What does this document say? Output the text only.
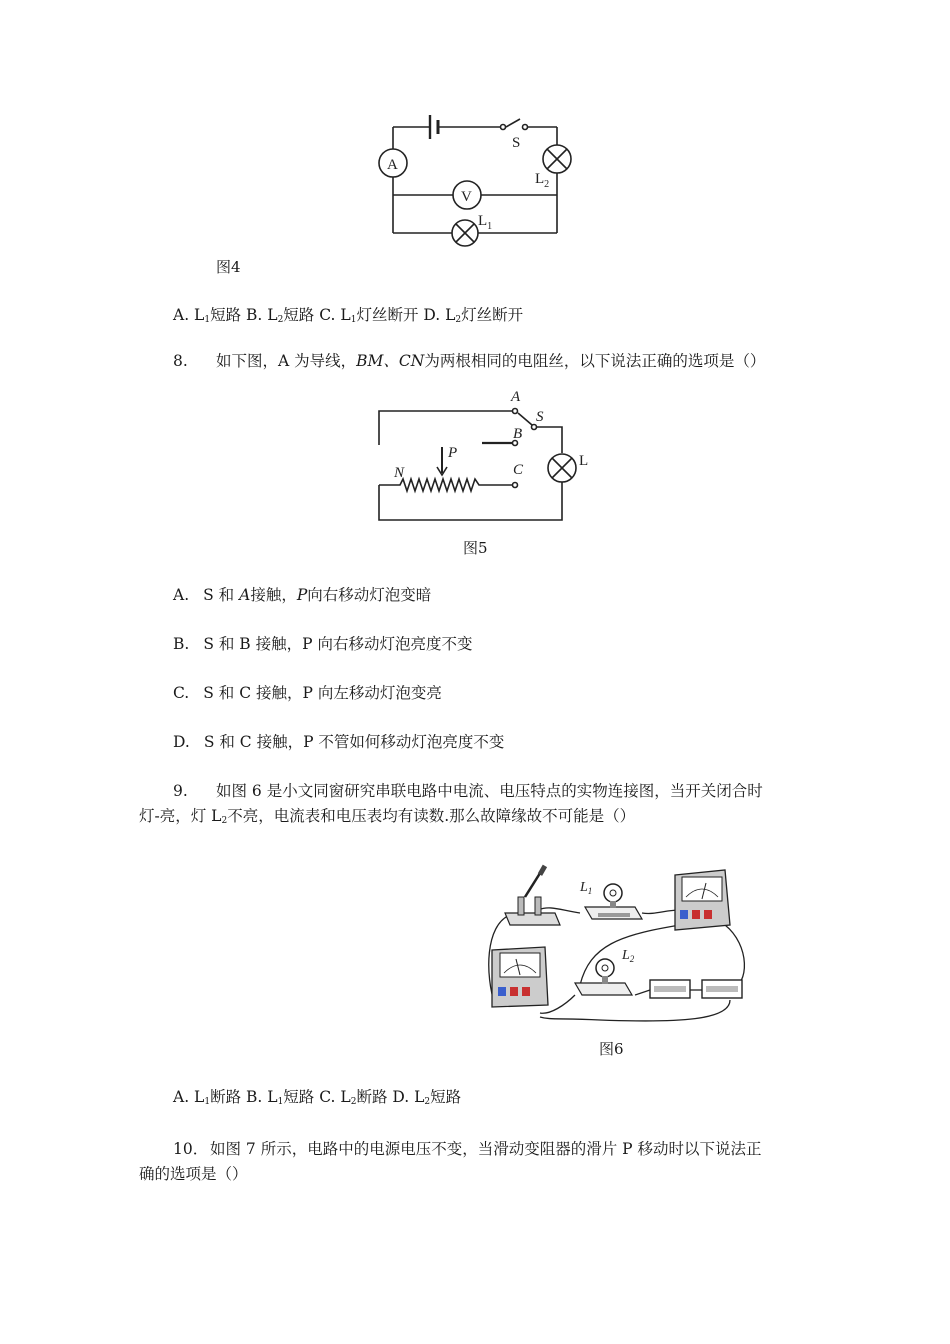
S
A
$L_2$
V
$L_1$
图4
A. $L_1$短路 B. $L_2$短路 C. $L_1$灯丝断开 D. $L_2$灯丝断开
8. 如下图，A 为导线，BM、CN为两根相同的电阻丝，以下说法正确的选项是（）
A
S
L
B
C
N
P
图5
A. S 和 A接触，P向右移动灯泡变暗
B. S 和 B 接触，P 向右移动灯泡亮度不变
C. S 和 C 接触，P 向左移动灯泡变亮
D. S 和 C 接触，P 不管如何移动灯泡亮度不变
9. 如图 6 是小文同窗研究串联电路中电流、电压特点的实物连接图，当开关闭合时
灯-亮，灯 $L_2$不亮，电流表和电压表均有读数.那么故障缘故不可能是（）
$L_1$
$L_2$
图6
A. $L_1$断路 B. $L_1$短路 C. $L_2$断路 D. $L_2$短路
10． 如图 7 所示，电路中的电源电压不变，当滑动变阻器的滑片 P 移动时以下说法正
确的选项是（）
